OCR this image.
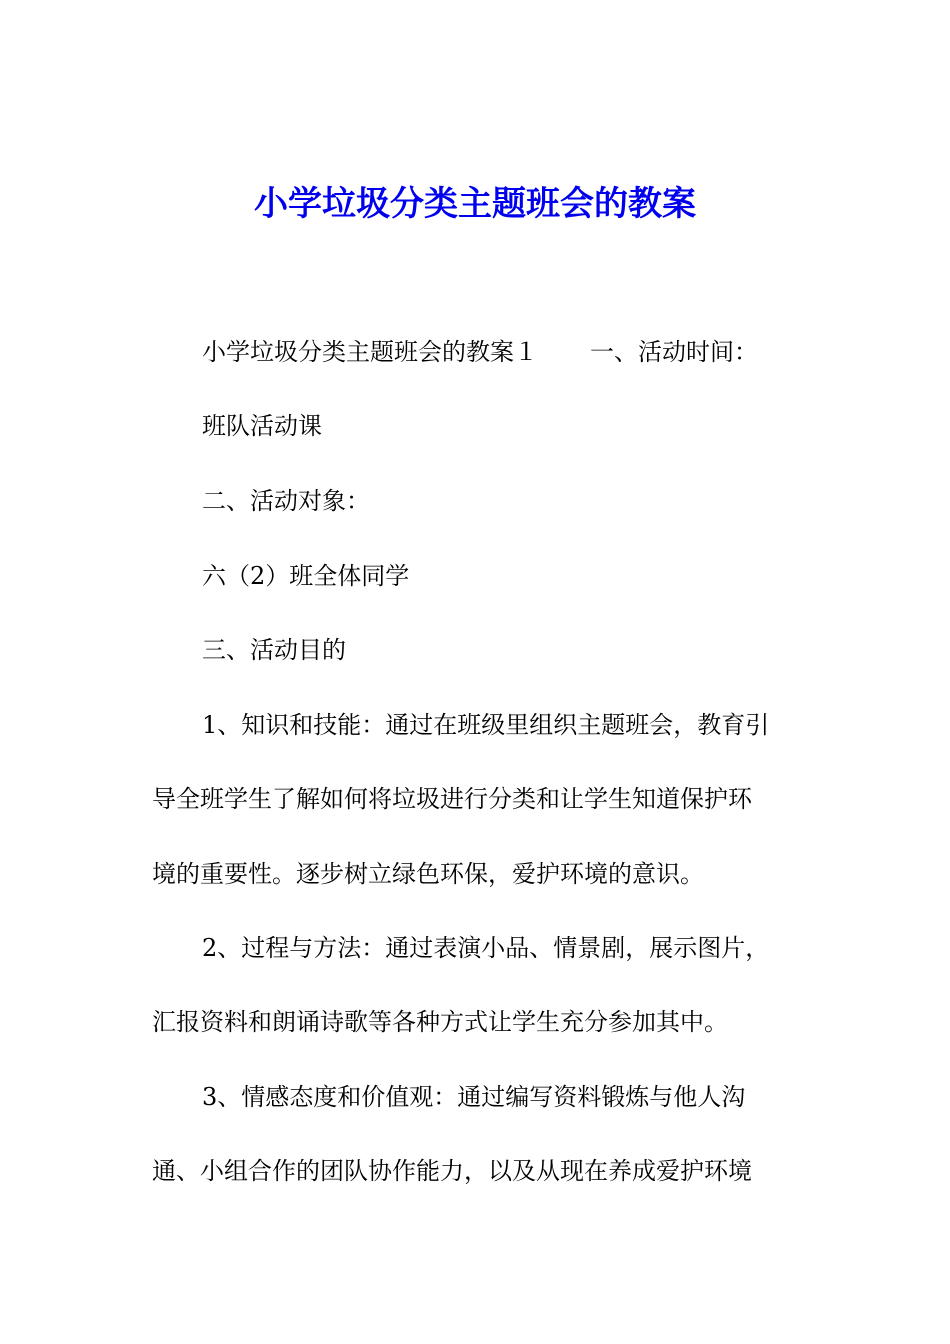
小学垃圾分类主题班会的教案
小学垃圾分类主题班会的教案１ 一、活动时间：
班队活动课
二、活动对象：
六（2）班全体同学
三、活动目的
1、知识和技能：通过在班级里组织主题班会，教育引
导全班学生了解如何将垃圾进行分类和让学生知道保护环
境的重要性。逐步树立绿色环保，爱护环境的意识。
2、过程与方法：通过表演小品、情景剧，展示图片，
汇报资料和朗诵诗歌等各种方式让学生充分参加其中。
3、情感态度和价值观：通过编写资料锻炼与他人沟
通、小组合作的团队协作能力，以及从现在养成爱护环境
